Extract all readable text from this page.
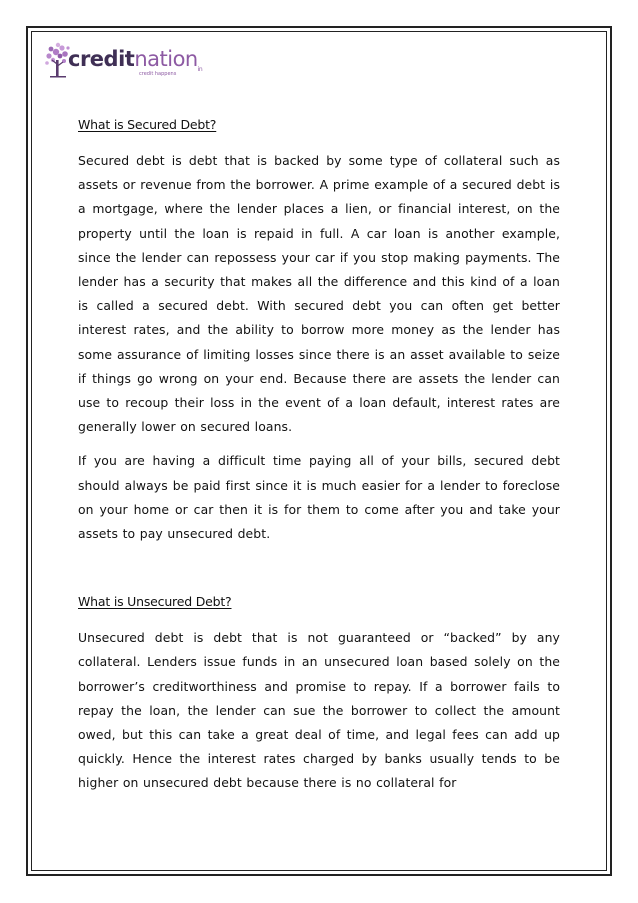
creditnation$_{in}$
credit happens
What is Secured Debt?

Secured debt is debt that is backed by some type of collateral such as assets or revenue from the borrower. A prime example of a secured debt is a mortgage, where the lender places a lien, or financial interest, on the property until the loan is repaid in full. A car loan is another example, since the lender can repossess your car if you stop making payments. The lender has a security that makes all the difference and this kind of a loan is called a secured debt. With secured debt you can often get better interest rates, and the ability to borrow more money as the lender has some assurance of limiting losses since there is an asset available to seize if things go wrong on your end. Because there are assets the lender can use to recoup their loss in the event of a loan default, interest rates are generally lower on secured loans.

If you are having a difficult time paying all of your bills, secured debt should always be paid first since it is much easier for a lender to foreclose on your home or car then it is for them to come after you and take your assets to pay unsecured debt.

What is Unsecured Debt?

Unsecured debt is debt that is not guaranteed or “backed” by any collateral. Lenders issue funds in an unsecured loan based solely on the borrower’s creditworthiness and promise to repay. If a borrower fails to repay the loan, the lender can sue the borrower to collect the amount owed, but this can take a great deal of time, and legal fees can add up quickly. Hence the interest rates charged by banks usually tends to be higher on unsecured debt because there is no collateral for
